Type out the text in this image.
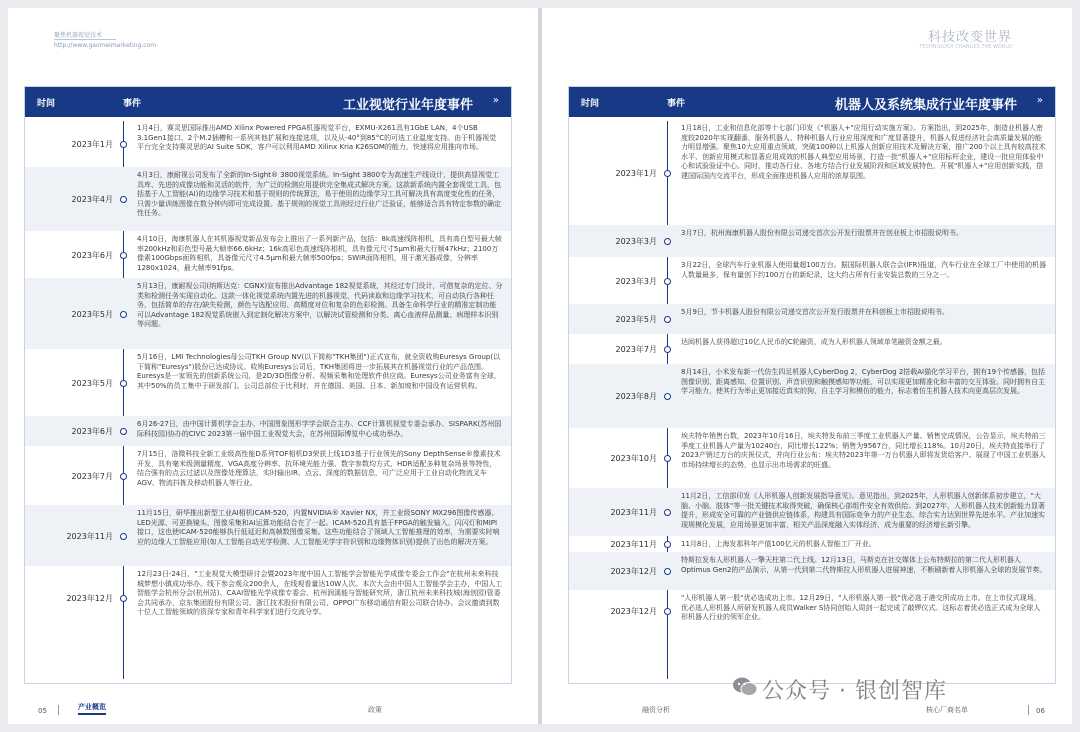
聚焦机器视觉技术
http://www.gaomeimarketing.com
时间	事件	工业视觉行业年度事件 »
2023年1月
1月4日，赛灵思国际推出AMD Xilinx Powered FPGA机器视觉平台，EXMU-X261具有1GbE LAN、4个USB 3.1Gen1接口、2个M.2插槽和一系列其他扩展和连接选项，以及从-40°到85°C的可选工业温度支持。由于机器视觉平台完全支持赛灵思的AI Suite SDK，客户可以利用AMD Xilinx Kria K26SOM的能力，快速将应用推向市场。
2023年4月
4月3日，康耐视公司发布了全新的In-Sight® 3800视觉系统。In-Sight 3800专为高速生产线设计，提供高显视觉工具库、先进的成像功能和灵活的软件，为广泛的检测应用提供完全集成式解决方案。这款新系统内置全套视觉工具，包括基于人工智能(AI)的边缘学习技术和基于规则的传统算法，易于使用的边缘学习工具可解决具有高度变化性的任务，只需少量训练图像在数分钟内即可完成设置。基于规则的视觉工具则经过行业广泛验证，能够适合具有特定参数的确定性任务。
2023年6月
4月10日，海康机器人在其机器视觉新品发布会上推出了一系列新产品，包括：8k高速线阵相机，具有高白型号最大帧率200kHz和彩色型号最大帧率66.6kHz；16k高彩色高速线阵相机，具有像元尺寸5μm和最大行频47kHz；2100万像素100Gbps面阵相机，具备像元尺寸4.5μm和最大帧率500fps；SWIR面阵相机，用于激光器成像，分辨率1280x1024，最大帧率91fps。
2023年5月
5月13日，康耐视公司(纳斯达克：CGNX)宣布推出Advantage 182视觉系统，其经过专门设计，可借复杂的定位、分类和检测任务实现自动化。这款一体化视觉系统内置先进的机器视觉，代码读取和边缘学习技术，可自动执行各种任务，包括简单的存在/缺失检测，颜色与选配应用、高精度对位和复杂的色彩检测。具备生命科学行业的精准定制功能可以Advantage 182视觉系统嵌入到定制化解决方案中，以解决试管检测和分类、离心血液样品测量、病理样本识别等问题。
2023年5月
5月16日，LMI Technologies母公司TKH Group NV(以下简称"TKH集团")正式宣布，就全资收购Euresys Group(以下简称"Euresys")股份已达成协议。收购Euresys公司后，TKH集团将进一步拓展其在机器视觉行业的产品范围。Euresys是一家领先的创新系统公司，是2D/3D图像分析、视频采集和处理软件供应商。Euresys公司业务富有全球，其中50%的员工集中于研发部门。公司总部位于比利时，并在德国、美国、日本、新加坡和中国设有运营机构。
2023年6月
6月26-27日，由中国计算机学会主办、中国图象图形学学会联合主办、CCF计算机视觉专委会承办、SISPARK(苏州国际科技园)协办的CIVC 2023第一届中国工业视觉大会，在苏州国际博览中心成功举办。
2023年7月
7月15日，洛微科技全新工业级高性能D系列TOF相机D3荣获上线1D3基于行业领先的Sony DepthSense®像素技术开发，具有毫米级测量精度、VGA高度分辨率、抗环境光能力强、数字参数均方式、HDR适配多种复杂场景等特性，结合强有的点云过滤以及图像处理算法，实时输出IR、点云、深度的数据信息，可广泛应用于工业自动化物流叉车AGV、物流抖拣及移动机器人等行业。
2023年11月
11月15日，研华推出新型工业AI相机ICAM-520，内置NVIDIA® Xavier NX，并工业级SONY MX296图像传感器、LED光源、可更换镜头、图像采集和AI运算功能结合在了一起。ICAM-520具有基于FPGA的触发输入、闪闪灯和MIPI接口，这也使ICAM-520能够执行低延迟和高帧数图像采集。这些功能结合了领域人工智能推理的效率，为需要实时响应的边缘人工智能应用(如人工智能自动光学检测、人工智能光学字符识别和边缘物体识别)提供了出色的解决方案。
2023年12月
12月23日-24日，"工业视觉大模型研讨会暨2023年度中国人工智能学会智能光学成像专委会工作会"在杭州未来科技城梦想小镇成功举办。线下参会观众200余人，在线观看量达10W人次。本次大会由中国人工智能学会主办，中国人工智能学会杭州分会(杭州站)、CAAI智能光学成像专委会、杭州润溪能与智能研究所，浙江杭州未来科技城(海创园)管委会共同承办，京东集团股份有限公司、浙江技术股份有限公司、OPPO广东移动通信有限公司联合协办。会议邀请到数十位人工智能领域的资深专家和青年科学家们进行交流分享。
05	产业概览	政策
科技改变世界
TECHNOLOGY CHANGES THE WORLD
时间	事件	机器人及系统集成行业年度事件 »
2023年1月
1月18日，工业和信息化部等十七部门印发《"机器人+"应用行动实施方案》。方案指出，到2025年，制造业机器人密度较2020年实现翻番，服务机器人、特种机器人行业应用深度和广度显著提升，机器人促进经济社会高质量发展的能力明显增强。聚焦10大应用重点领域，突破100种以上机器人创新应用技术及解决方案，推广200个以上具有较高技术水平、创新应用模式和显著应用成效的机器人典型应用场景，打造一批"机器人+"应用标杆企业，建设一批应用体验中心和试验验证中心。同时，推动各行业、各地方结合行业发展阶段和区域发展特色，开展"机器人+"应用创新实践，搭建国际国内交流平台，形成全面推进机器人应用的浓厚氛围。
2023年3月
3月7日，杭州海康机器人股份有限公司递交首次公开发行股票并在创业板上市招股说明书。
2023年3月
3月22日，全球汽车行业机器人使用量超100万台。据国际机器人联合会(IFR)报道，汽车行业在全球工厂中使用的机器人数量最多，保有量创下约100万台的新纪录，这大约占所有行业安装总数的三分之一。
2023年5月
5月9日，节卡机器人股份有限公司递交首次公开发行股票并在科创板上市招股说明书。
2023年7月
达闼机器人获得超过10亿人民币的C轮融资，成为人形机器人领域单笔融资金额之最。
2023年8月
8月14日，小米发布新一代仿生四足机器人CyberDog 2，CyberDog 2搭载AI猫化学习平台，拥有19个传感器，包括图像识别、距离感知、位置识别、声音识别和触摸感知等功能，可以实现更加精准化和丰富的交互体验。同时拥有自主学习能力，使其行为举止更加接近真实的狗，自主学习和模仿的能力，标志着仿生机器人技术向更高层次发展。
2023年10月
埃夫特年销售台数，2023年10月16日，埃夫特发布前三季度工业机器人产量、销售完成情况，公告显示，埃夫特前三季度工业机器人产量为10240台，同比增长122%；销售为9567台，同比增长118%。10月20日，埃夫特直接举行了2023产销过万台的庆祝仪式，并向行业公布：埃夫特2023年第一万台机器人即将发货给客户。展现了中国工业机器人市场持续增长的态势，也显示出市场需求的旺盛。
2023年11月
11月2日，工信部印发《人形机器人创新发展指导意见》。意见指出，到2025年，人形机器人创新体系初步建立，"大脑、小脑、肢体"等一批关键技术取得突破，确保核心部组件安全有效供给。到2027年，人形机器人技术创新能力显著提升，形成安全可靠的产业链供应链体系，构建具有国际竞争力的产业生态，综合实力达到世界先进水平。产业加速实现规模化发展，应用场景更加丰富，相关产品深度融入实体经济，成为重要的经济增长新引擎。
2023年11月	11月8日，上海发那科年产值100亿元的机器人智能工厂开业。
2023年12月
特斯拉发布人形机器人一擎天柱第二代上线。12月13日，马斯克在社交媒体上公布特斯拉的第二代人形机器人Optimus Gen2的产品演示，从第一代到第二代特斯拉人形机器人进展神速，不断刷新着人形机器人全球的发展节奏。
2023年12月
"人形机器人第一股"优必选成功上市。12月29日，"人形机器人第一股"优必选于港交所成功上市。在上市仪式现场，优必选人形机器人所研发机器人成员Walker S协同创始人周剑一起完成了敲锣仪式。这标志着优必选正式成为全球人形机器人行业的领军企业。
融资分析	核心厂商名单	06
公众号 · 银创智库
